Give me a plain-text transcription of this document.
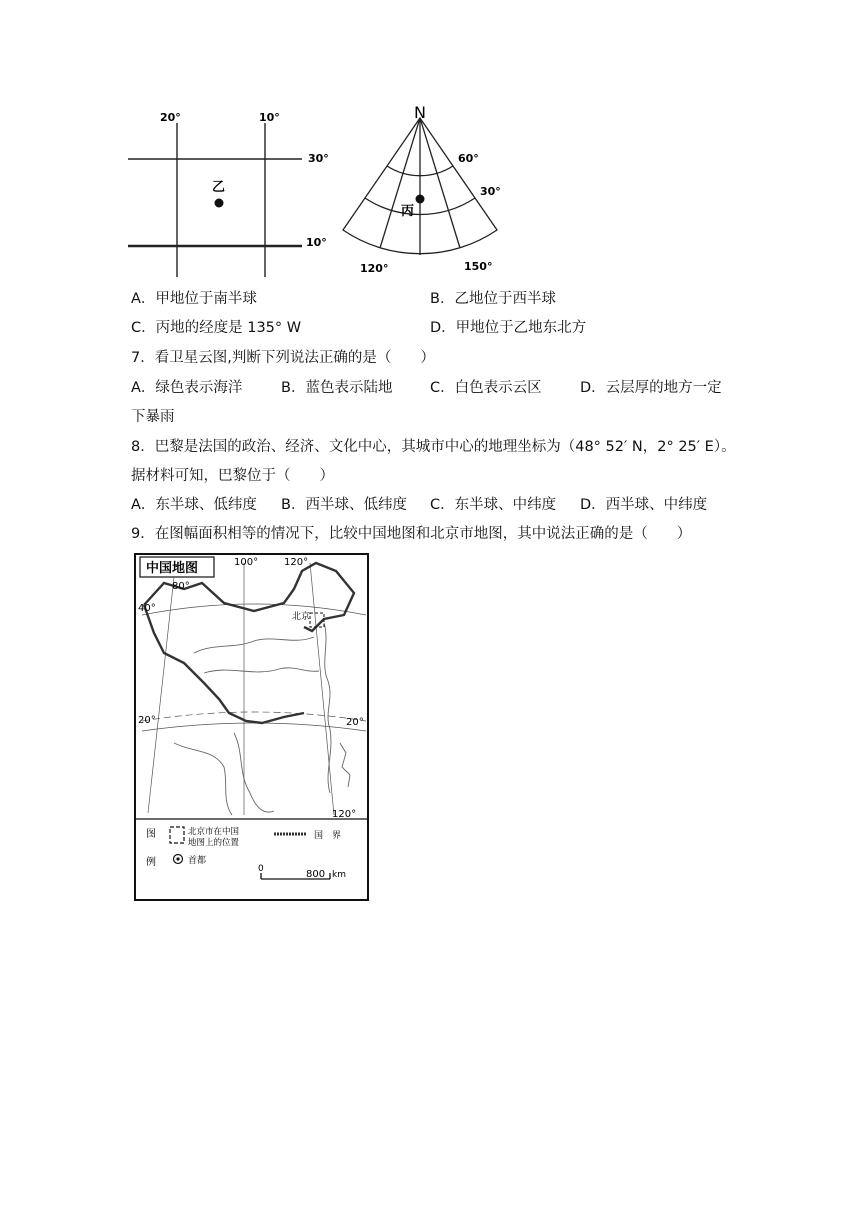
20°	10°
30°
10°
乙
N
60°
30°
120°	150°
丙
A．甲地位于南半球	B．乙地位于西半球
C．丙地的经度是 135° W	D．甲地位于乙地东北方
7．看卫星云图,判断下列说法正确的是（　　）
A．绿色表示海洋	B．蓝色表示陆地	C．白色表示云区	D．云层厚的地方一定
下暴雨
8．巴黎是法国的政治、经济、文化中心，其城市中心的地理坐标为（48° 52′ N，2° 25′ E）。
据材料可知，巴黎位于（　　）
A．东半球、低纬度 B．西半球、低纬度 C．东半球、中纬度 D．西半球、中纬度
9．在图幅面积相等的情况下，比较中国地图和北京市地图，其中说法正确的是（　　）
中国地图
80°
100°	120°
40°
20°	20°
120°
北京
图
例
北京市在中国
地图上的位置
国　界
首都
0	800 km
